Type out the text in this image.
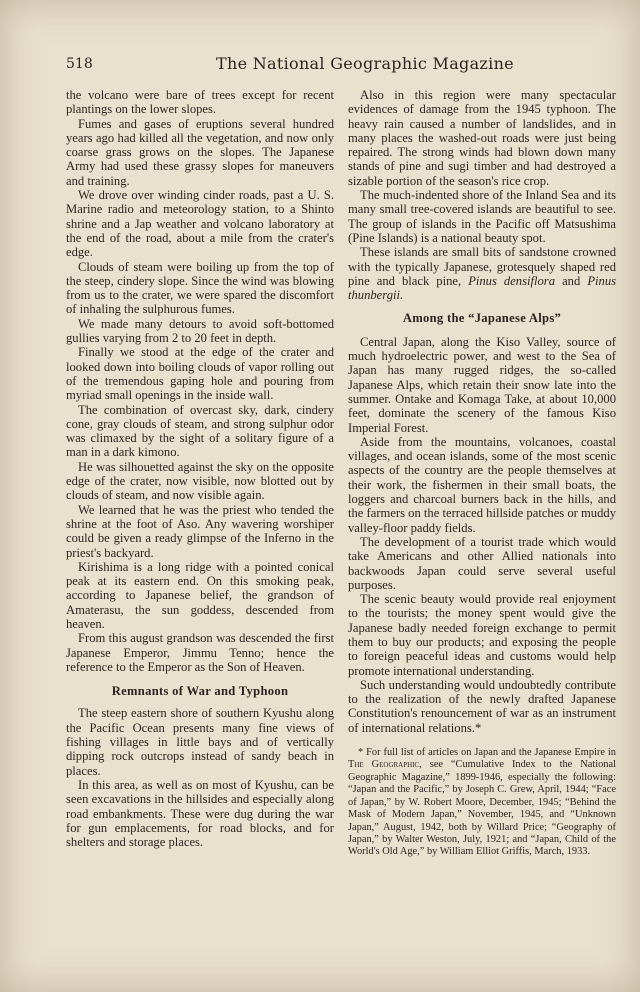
518	The National Geographic Magazine

the volcano were bare of trees except for recent plantings on the lower slopes.

Fumes and gases of eruptions several hundred years ago had killed all the vegetation, and now only coarse grass grows on the slopes. The Japanese Army had used these grassy slopes for maneuvers and training.

We drove over winding cinder roads, past a U. S. Marine radio and meteorology station, to a Shinto shrine and a Jap weather and volcano laboratory at the end of the road, about a mile from the crater's edge.

Clouds of steam were boiling up from the top of the steep, cindery slope. Since the wind was blowing from us to the crater, we were spared the discomfort of inhaling the sulphurous fumes.

We made many detours to avoid soft-bottomed gullies varying from 2 to 20 feet in depth.

Finally we stood at the edge of the crater and looked down into boiling clouds of vapor rolling out of the tremendous gaping hole and pouring from myriad small openings in the inside wall.

The combination of overcast sky, dark, cindery cone, gray clouds of steam, and strong sulphur odor was climaxed by the sight of a solitary figure of a man in a dark kimono.

He was silhouetted against the sky on the opposite edge of the crater, now visible, now blotted out by clouds of steam, and now visible again.

We learned that he was the priest who tended the shrine at the foot of Aso. Any wavering worshiper could be given a ready glimpse of the Inferno in the priest's backyard.

Kirishima is a long ridge with a pointed conical peak at its eastern end. On this smoking peak, according to Japanese belief, the grandson of Amaterasu, the sun goddess, descended from heaven.

From this august grandson was descended the first Japanese Emperor, Jimmu Tenno; hence the reference to the Emperor as the Son of Heaven.

Remnants of War and Typhoon

The steep eastern shore of southern Kyushu along the Pacific Ocean presents many fine views of fishing villages in little bays and of vertically dipping rock outcrops instead of sandy beach in places.

In this area, as well as on most of Kyushu, can be seen excavations in the hillsides and especially along road embankments. These were dug during the war for gun emplacements, for road blocks, and for shelters and storage places.

Also in this region were many spectacular evidences of damage from the 1945 typhoon. The heavy rain caused a number of landslides, and in many places the washed-out roads were just being repaired. The strong winds had blown down many stands of pine and sugi timber and had destroyed a sizable portion of the season's rice crop.

The much-indented shore of the Inland Sea and its many small tree-covered islands are beautiful to see. The group of islands in the Pacific off Matsushima (Pine Islands) is a national beauty spot.

These islands are small bits of sandstone crowned with the typically Japanese, grotesquely shaped red pine and black pine, Pinus densiflora and Pinus thunbergii.

Among the “Japanese Alps”

Central Japan, along the Kiso Valley, source of much hydroelectric power, and west to the Sea of Japan has many rugged ridges, the so-called Japanese Alps, which retain their snow late into the summer. Ontake and Komaga Take, at about 10,000 feet, dominate the scenery of the famous Kiso Imperial Forest.

Aside from the mountains, volcanoes, coastal villages, and ocean islands, some of the most scenic aspects of the country are the people themselves at their work, the fishermen in their small boats, the loggers and charcoal burners back in the hills, and the farmers on the terraced hillside patches or muddy valley-floor paddy fields.

The development of a tourist trade which would take Americans and other Allied nationals into backwoods Japan could serve several useful purposes.

The scenic beauty would provide real enjoyment to the tourists; the money spent would give the Japanese badly needed foreign exchange to permit them to buy our products; and exposing the people to foreign peaceful ideas and customs would help promote international understanding.

Such understanding would undoubtedly contribute to the realization of the newly drafted Japanese Constitution's renouncement of war as an instrument of international relations.*

* For full list of articles on Japan and the Japanese Empire in The Geographic, see “Cumulative Index to the National Geographic Magazine,” 1899-1946, especially the following: “Japan and the Pacific,” by Joseph C. Grew, April, 1944; “Face of Japan,” by W. Robert Moore, December, 1945; “Behind the Mask of Modern Japan,” November, 1945, and “Unknown Japan,” August, 1942, both by Willard Price; “Geography of Japan,” by Walter Weston, July, 1921; and “Japan, Child of the World's Old Age,” by William Elliot Griffis, March, 1933.
